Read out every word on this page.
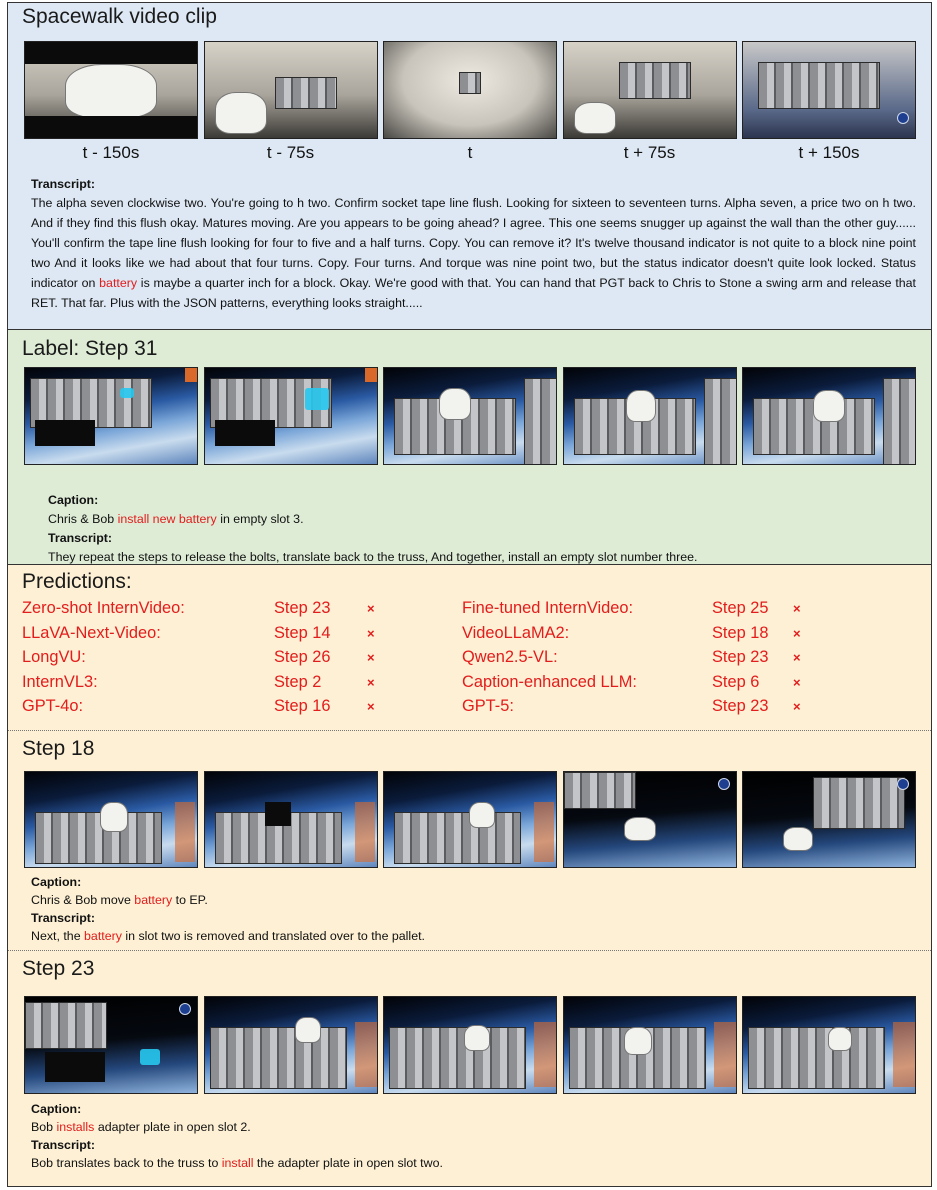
Spacewalk video clip
t - 150s	t - 75s	t	t + 75s	t + 150s
Transcript:
The alpha seven clockwise two. You're going to h two. Confirm socket tape line flush. Looking for sixteen to seventeen turns. Alpha seven, a price two on h two. And if they find this flush okay. Matures moving. Are you appears to be going ahead? I agree. This one seems snugger up against the wall than the other guy...... You'll confirm the tape line flush looking for four to five and a half turns. Copy. You can remove it? It's twelve thousand indicator is not quite to a block nine point two And it looks like we had about that four turns. Copy. Four turns. And torque was nine point two, but the status indicator doesn't quite look locked. Status indicator on battery is maybe a quarter inch for a block. Okay. We're good with that. You can hand that PGT back to Chris to Stone a swing arm and release that RET. That far. Plus with the JSON patterns, everything looks straight.....
Label: Step 31
Caption:
Chris & Bob install new battery in empty slot 3.
Transcript:
They repeat the steps to release the bolts, translate back to the truss, And together, install an empty slot number three.
Predictions:
Zero-shot InternVideo:	Step 23	×	Fine-tuned InternVideo:	Step 25 ×
LLaVA-Next-Video:	Step 14	×	VideoLLaMA2:	Step 18 ×
LongVU:	Step 26	×	Qwen2.5-VL:	Step 23 ×
InternVL3:	Step 2	×	Caption-enhanced LLM:	Step 6	×
GPT-4o:	Step 16	×	GPT-5:	Step 23 ×
Step 18
Caption:
Chris & Bob move battery to EP.
Transcript:
Next, the battery in slot two is removed and translated over to the pallet.
Step 23
Caption:
Bob installs adapter plate in open slot 2.
Transcript:
Bob translates back to the truss to install the adapter plate in open slot two.
